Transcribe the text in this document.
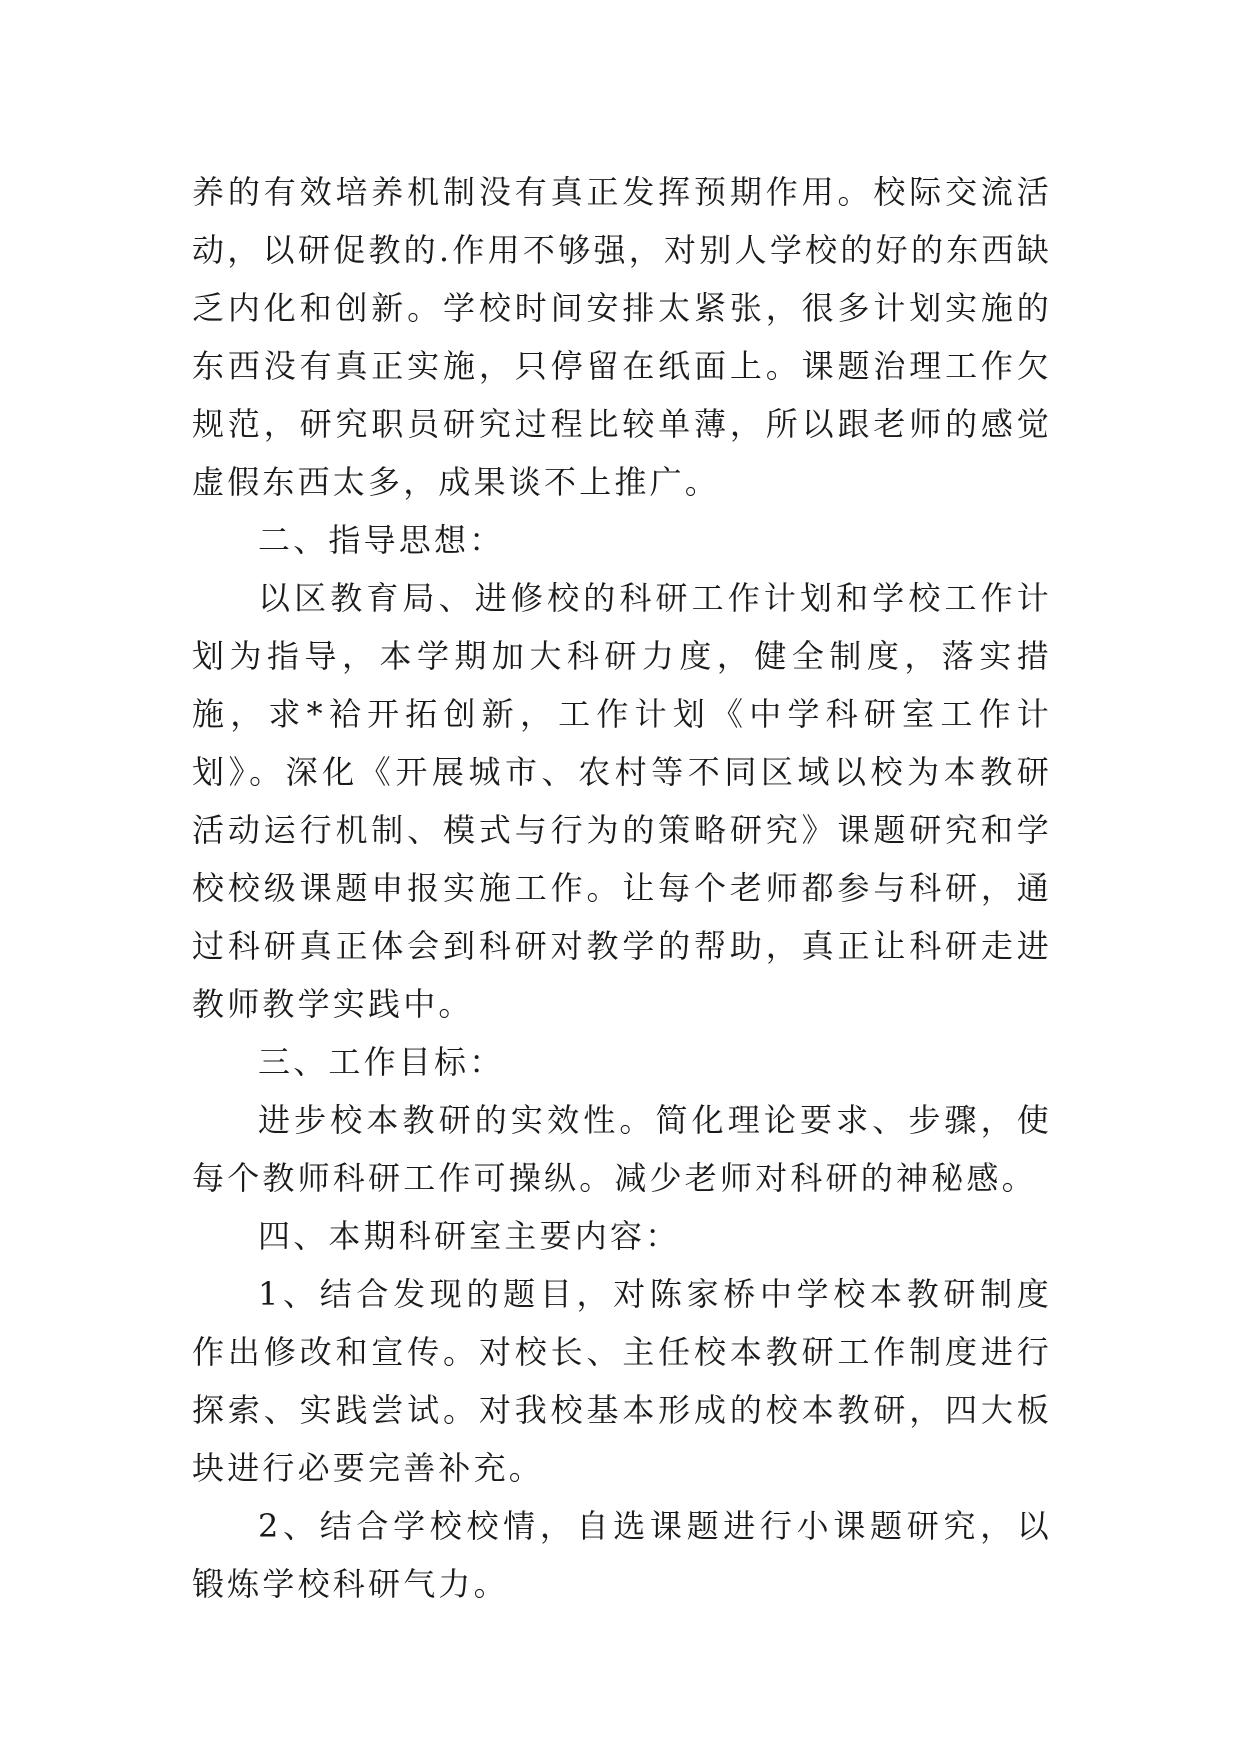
养的有效培养机制没有真正发挥预期作用。校际交流活动，以研促教的.作用不够强，对别人学校的好的东西缺乏内化和创新。学校时间安排太紧张，很多计划实施的东西没有真正实施，只停留在纸面上。课题治理工作欠规范，研究职员研究过程比较单薄，所以跟老师的感觉虚假东西太多，成果谈不上推广。

二、指导思想：

以区教育局、进修校的科研工作计划和学校工作计划为指导，本学期加大科研力度，健全制度，落实措施，求*袷开拓创新，工作计划《中学科研室工作计划》。深化《开展城市、农村等不同区域以校为本教研活动运行机制、模式与行为的策略研究》课题研究和学校校级课题申报实施工作。让每个老师都参与科研，通过科研真正体会到科研对教学的帮助，真正让科研走进教师教学实践中。

三、工作目标：

进步校本教研的实效性。简化理论要求、步骤，使每个教师科研工作可操纵。减少老师对科研的神秘感。

四、本期科研室主要内容：

1、结合发现的题目，对陈家桥中学校本教研制度作出修改和宣传。对校长、主任校本教研工作制度进行探索、实践尝试。对我校基本形成的校本教研，四大板块进行必要完善补充。

2、结合学校校情，自选课题进行小课题研究，以锻炼学校科研气力。
